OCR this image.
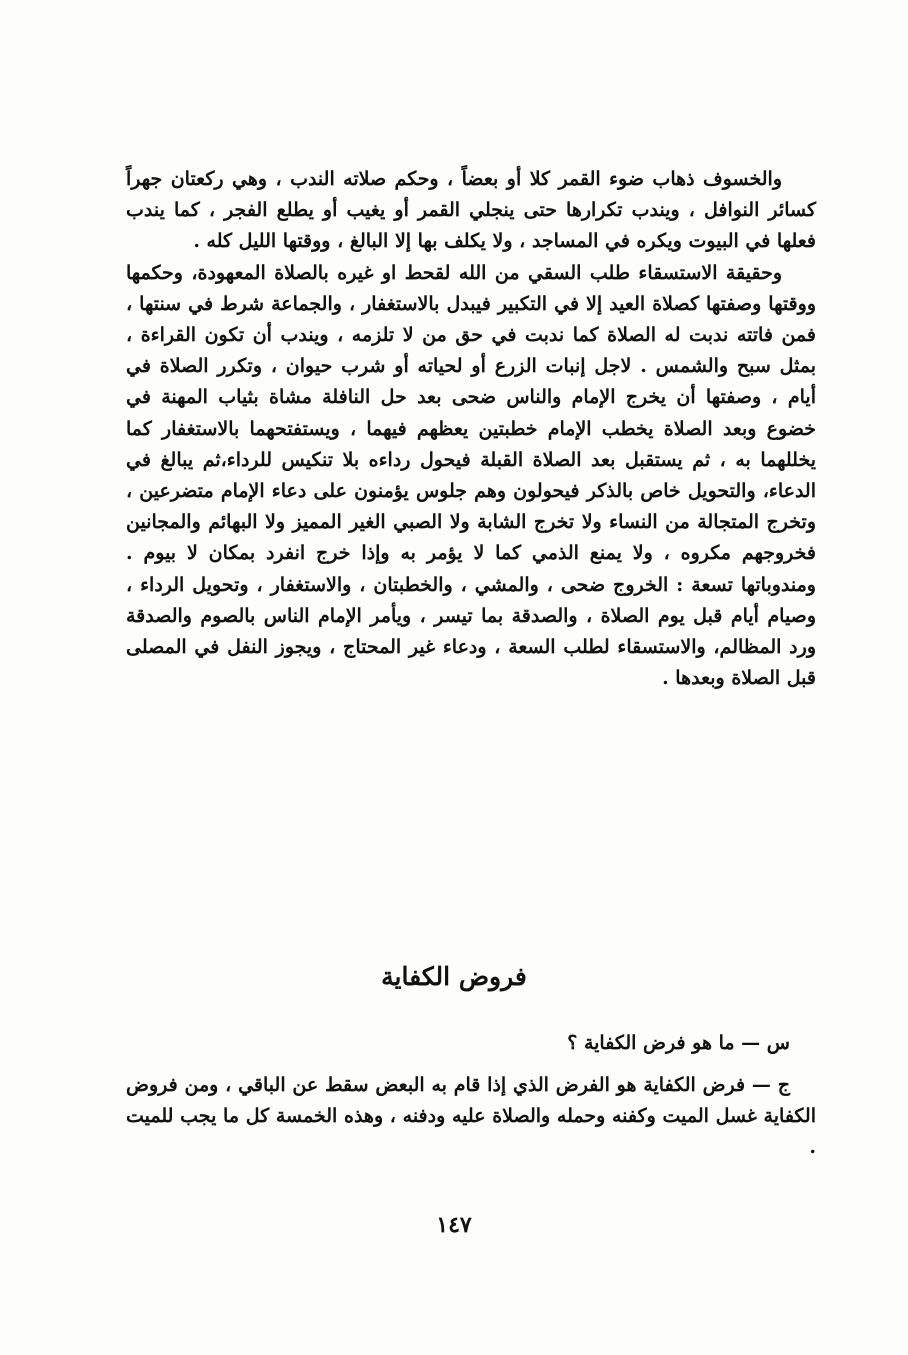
والخسوف ذهاب ضوء القمر كلا أو بعضاً ، وحكم صلاته الندب ، وهي ركعتان جهراً كسائر النوافل ، ويندب تكرارها حتى ينجلي القمر أو يغيب أو يطلع الفجر ، كما يندب فعلها في البيوت ويكره في المساجد ، ولا يكلف بها إلا البالغ ، ووقتها الليل كله .

وحقيقة الاستسقاء طلب السقي من الله لقحط او غيره بالصلاة المعهودة، وحكمها ووقتها وصفتها كصلاة العيد إلا في التكبير فيبدل بالاستغفار ، والجماعة شرط في سنتها ، فمن فاتته ندبت له الصلاة كما ندبت في حق من لا تلزمه ، ويندب أن تكون القراءة ، بمثل سبح والشمس . لاجل إنبات الزرع أو لحياته أو شرب حيوان ، وتكرر الصلاة في أيام ، وصفتها أن يخرج الإمام والناس ضحى بعد حل النافلة مشاة بثياب المهنة في خضوع وبعد الصلاة يخطب الإمام خطبتين يعظهم فيهما ، ويستفتحهما بالاستغفار كما يخللهما به ، ثم يستقبل بعد الصلاة القبلة فيحول رداءه بلا تنكيس للرداء،ثم يبالغ في الدعاء، والتحويل خاص بالذكر فيحولون وهم جلوس يؤمنون على دعاء الإمام متضرعين ، وتخرج المتجالة من النساء ولا تخرج الشابة ولا الصبي الغير المميز ولا البهائم والمجانين فخروجهم مكروه ، ولا يمنع الذمي كما لا يؤمر به وإذا خرج انفرد بمكان لا بيوم . ومندوباتها تسعة : الخروج ضحى ، والمشي ، والخطبتان ، والاستغفار ، وتحويل الرداء ، وصيام أيام قبل يوم الصلاة ، والصدقة بما تيسر ، ويأمر الإمام الناس بالصوم والصدقة ورد المظالم، والاستسقاء لطلب السعة ، ودعاء غير المحتاج ، ويجوز النفل في المصلى قبل الصلاة وبعدها .

فروض الكفاية

س — ما هو فرض الكفاية ؟

ج — فرض الكفاية هو الفرض الذي إذا قام به البعض سقط عن الباقي ، ومن فروض الكفاية غسل الميت وكفنه وحمله والصلاة عليه ودفنه ، وهذه الخمسة كل ما يجب للميت .

١٤٧
